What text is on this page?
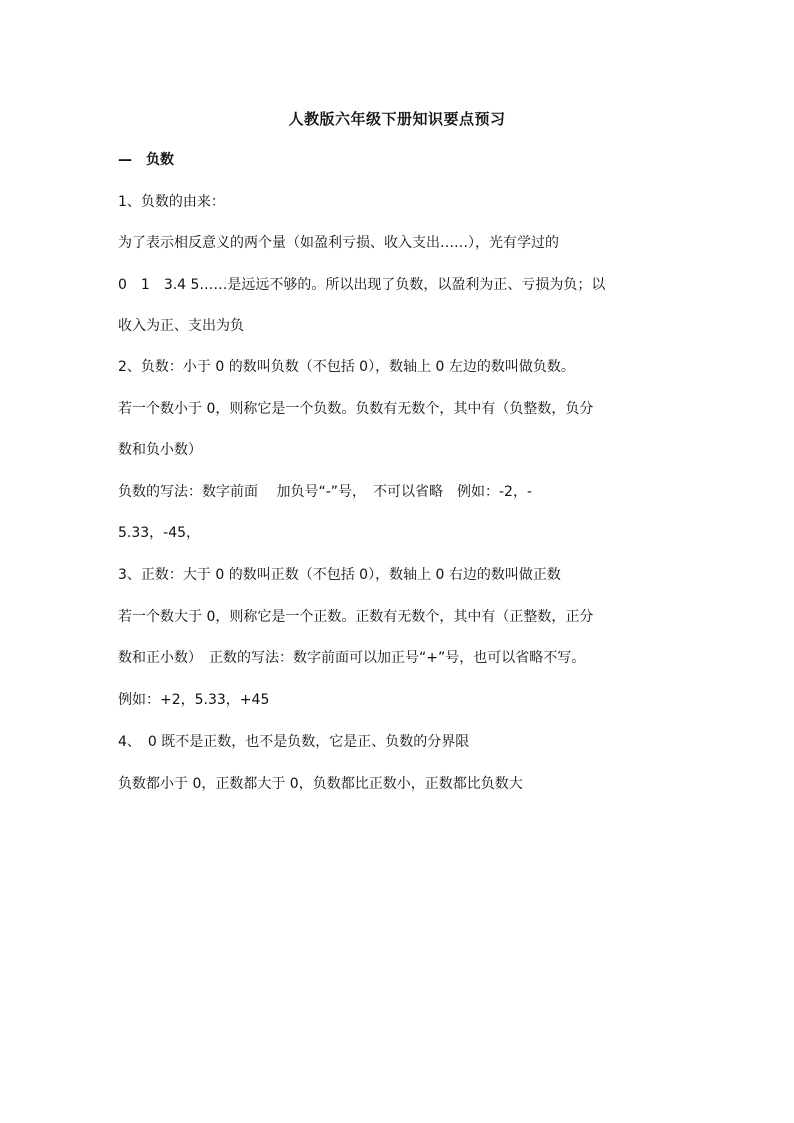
人教版六年级下册知识要点预习
—　负数
1、负数的由来：
为了表示相反意义的两个量（如盈利亏损、收入支出……），光有学过的
0　1　3.4 5……是远远不够的。所以出现了负数，以盈利为正、亏损为负；以
收入为正、支出为负
2、负数：小于 0 的数叫负数（不包括 0），数轴上 0 左边的数叫做负数。
若一个数小于 0，则称它是一个负数。负数有无数个，其中有（负整数，负分
数和负小数）
负数的写法：数字前面　 加负号“-”号，　不可以省略　例如：-2，-
5.33，-45，
3、正数：大于 0 的数叫正数（不包括 0），数轴上 0 右边的数叫做正数
若一个数大于 0，则称它是一个正数。正数有无数个，其中有（正整数，正分
数和正小数）　正数的写法：数字前面可以加正号“+”号，也可以省略不写。
例如：+2，5.33，+45
4、　0 既不是正数，也不是负数，它是正、负数的分界限
负数都小于 0，正数都大于 0，负数都比正数小，正数都比负数大
